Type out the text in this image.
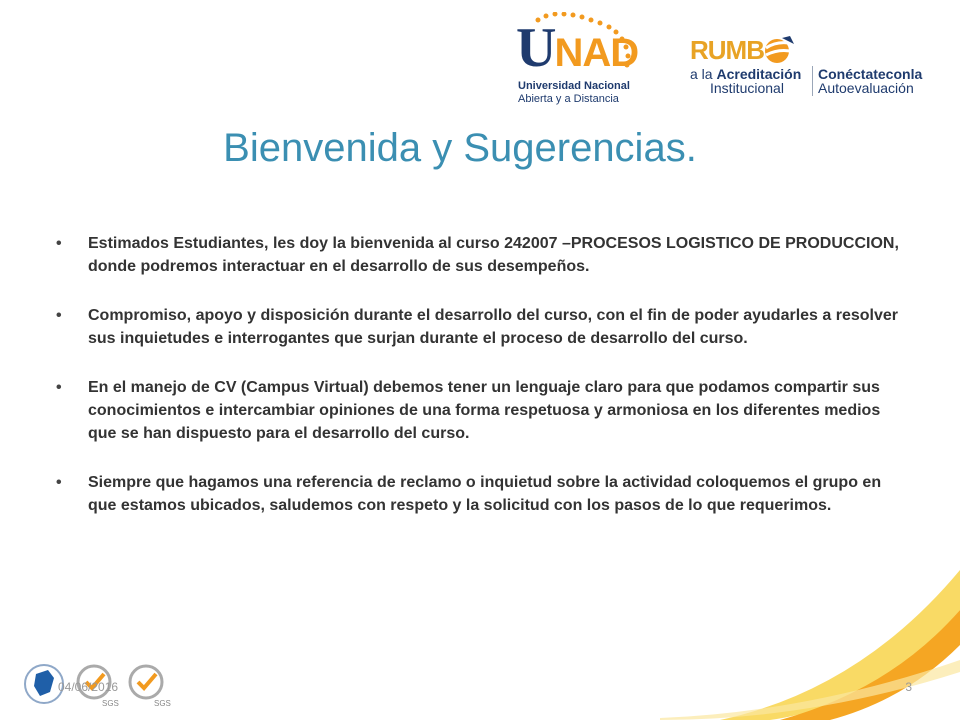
UNAD
Universidad Nacional
Abierta y a Distancia
RUMB
a la Acreditación
Institucional
Conéctateconla
Autoevaluación
Bienvenida y Sugerencias.
• Estimados Estudiantes, les doy la bienvenida al curso 242007 –PROCESOS LOGISTICO DE PRODUCCION, donde podremos interactuar en el desarrollo de sus desempeños.
• Compromiso, apoyo y disposición durante el desarrollo del curso, con el fin de poder ayudarles a resolver sus inquietudes e interrogantes que surjan durante el proceso de desarrollo del curso.
• En el manejo de CV (Campus Virtual) debemos tener un lenguaje claro para que podamos compartir sus conocimientos e intercambiar opiniones de una forma respetuosa y armoniosa en los diferentes medios que se han dispuesto para el desarrollo del curso.
• Siempre que hagamos una referencia de reclamo o inquietud sobre la actividad coloquemos el grupo en que estamos ubicados, saludemos con respeto y la solicitud con los pasos de lo que requerimos.
SGS	SGS
04/06/2016	3
